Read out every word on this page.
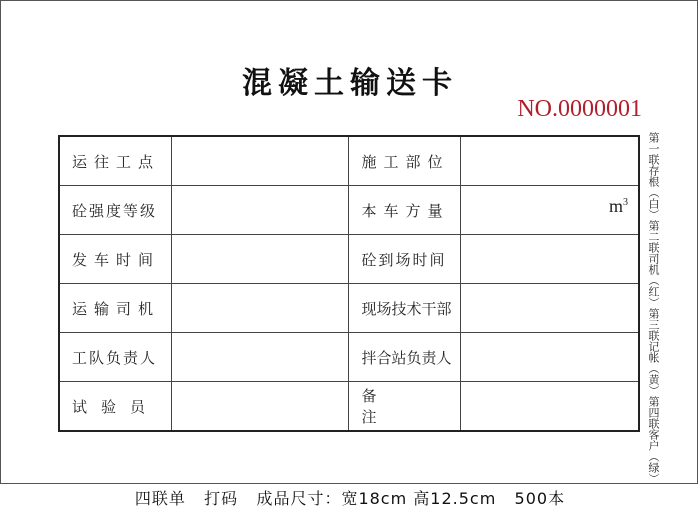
混凝土输送卡
NO.0000001
运往工点		施工部位	
砼强度等级		本车方量	$m^3$

发车时间		砼到场时间	
运输司机		现场技术干部	
工队负责人		拌合站负责人	
试验员		备注		第一联存根（白）第二联司机（红）第三联记帐（黄）第四联客户（绿）
四联单   打码   成品尺寸：宽18cm 高12.5cm   500本
